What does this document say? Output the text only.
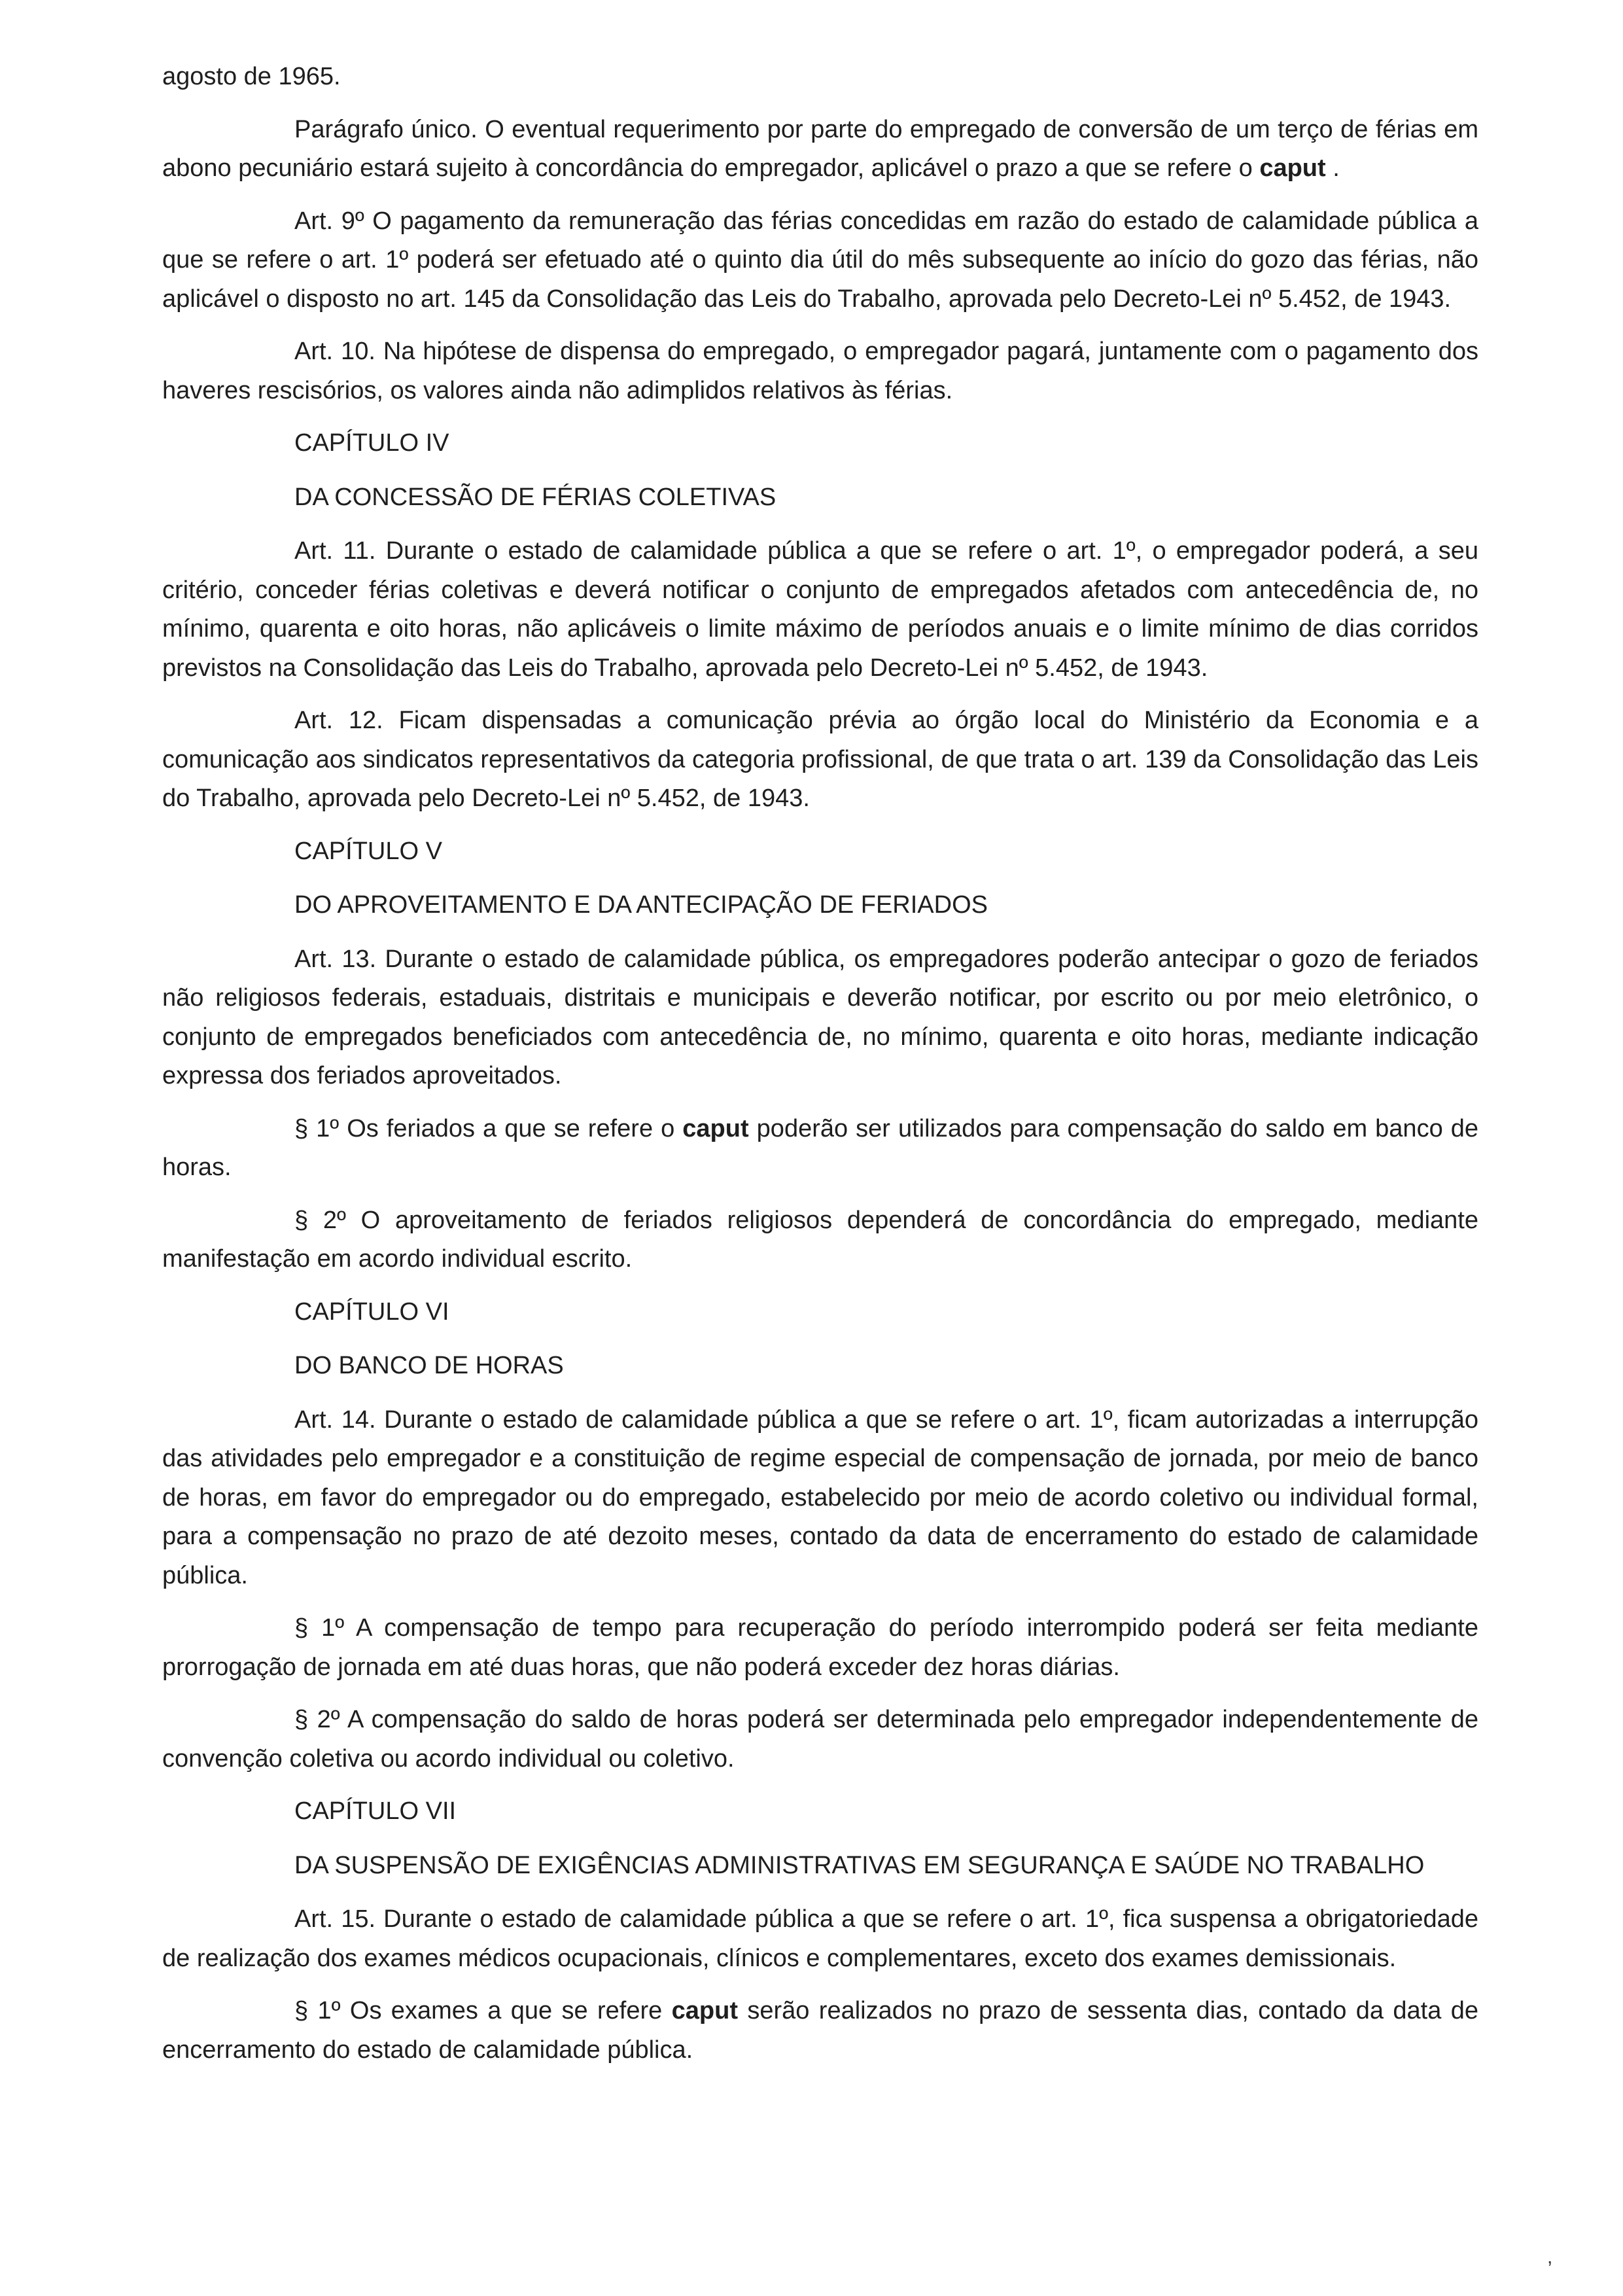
agosto de 1965.

Parágrafo único. O eventual requerimento por parte do empregado de conversão de um terço de férias em abono pecuniário estará sujeito à concordância do empregador, aplicável o prazo a que se refere o caput .

Art. 9º O pagamento da remuneração das férias concedidas em razão do estado de calamidade pública a que se refere o art. 1º poderá ser efetuado até o quinto dia útil do mês subsequente ao início do gozo das férias, não aplicável o disposto no art. 145 da Consolidação das Leis do Trabalho, aprovada pelo Decreto-Lei nº 5.452, de 1943.

Art. 10. Na hipótese de dispensa do empregado, o empregador pagará, juntamente com o pagamento dos haveres rescisórios, os valores ainda não adimplidos relativos às férias.

CAPÍTULO IV

DA CONCESSÃO DE FÉRIAS COLETIVAS

Art. 11. Durante o estado de calamidade pública a que se refere o art. 1º, o empregador poderá, a seu critério, conceder férias coletivas e deverá notificar o conjunto de empregados afetados com antecedência de, no mínimo, quarenta e oito horas, não aplicáveis o limite máximo de períodos anuais e o limite mínimo de dias corridos previstos na Consolidação das Leis do Trabalho, aprovada pelo Decreto-Lei nº 5.452, de 1943.

Art. 12. Ficam dispensadas a comunicação prévia ao órgão local do Ministério da Economia e a comunicação aos sindicatos representativos da categoria profissional, de que trata o art. 139 da Consolidação das Leis do Trabalho, aprovada pelo Decreto-Lei nº 5.452, de 1943.

CAPÍTULO V

DO APROVEITAMENTO E DA ANTECIPAÇÃO DE FERIADOS

Art. 13. Durante o estado de calamidade pública, os empregadores poderão antecipar o gozo de feriados não religiosos federais, estaduais, distritais e municipais e deverão notificar, por escrito ou por meio eletrônico, o conjunto de empregados beneficiados com antecedência de, no mínimo, quarenta e oito horas, mediante indicação expressa dos feriados aproveitados.

§ 1º Os feriados a que se refere o caput poderão ser utilizados para compensação do saldo em banco de horas.

§ 2º O aproveitamento de feriados religiosos dependerá de concordância do empregado, mediante manifestação em acordo individual escrito.

CAPÍTULO VI

DO BANCO DE HORAS

Art. 14. Durante o estado de calamidade pública a que se refere o art. 1º, ficam autorizadas a interrupção das atividades pelo empregador e a constituição de regime especial de compensação de jornada, por meio de banco de horas, em favor do empregador ou do empregado, estabelecido por meio de acordo coletivo ou individual formal, para a compensação no prazo de até dezoito meses, contado da data de encerramento do estado de calamidade pública.

§ 1º A compensação de tempo para recuperação do período interrompido poderá ser feita mediante prorrogação de jornada em até duas horas, que não poderá exceder dez horas diárias.

§ 2º A compensação do saldo de horas poderá ser determinada pelo empregador independentemente de convenção coletiva ou acordo individual ou coletivo.

CAPÍTULO VII

DA SUSPENSÃO DE EXIGÊNCIAS ADMINISTRATIVAS EM SEGURANÇA E SAÚDE NO TRABALHO

Art. 15. Durante o estado de calamidade pública a que se refere o art. 1º, fica suspensa a obrigatoriedade de realização dos exames médicos ocupacionais, clínicos e complementares, exceto dos exames demissionais.

§ 1º Os exames a que se refere caput serão realizados no prazo de sessenta dias, contado da data de encerramento do estado de calamidade pública.

,
